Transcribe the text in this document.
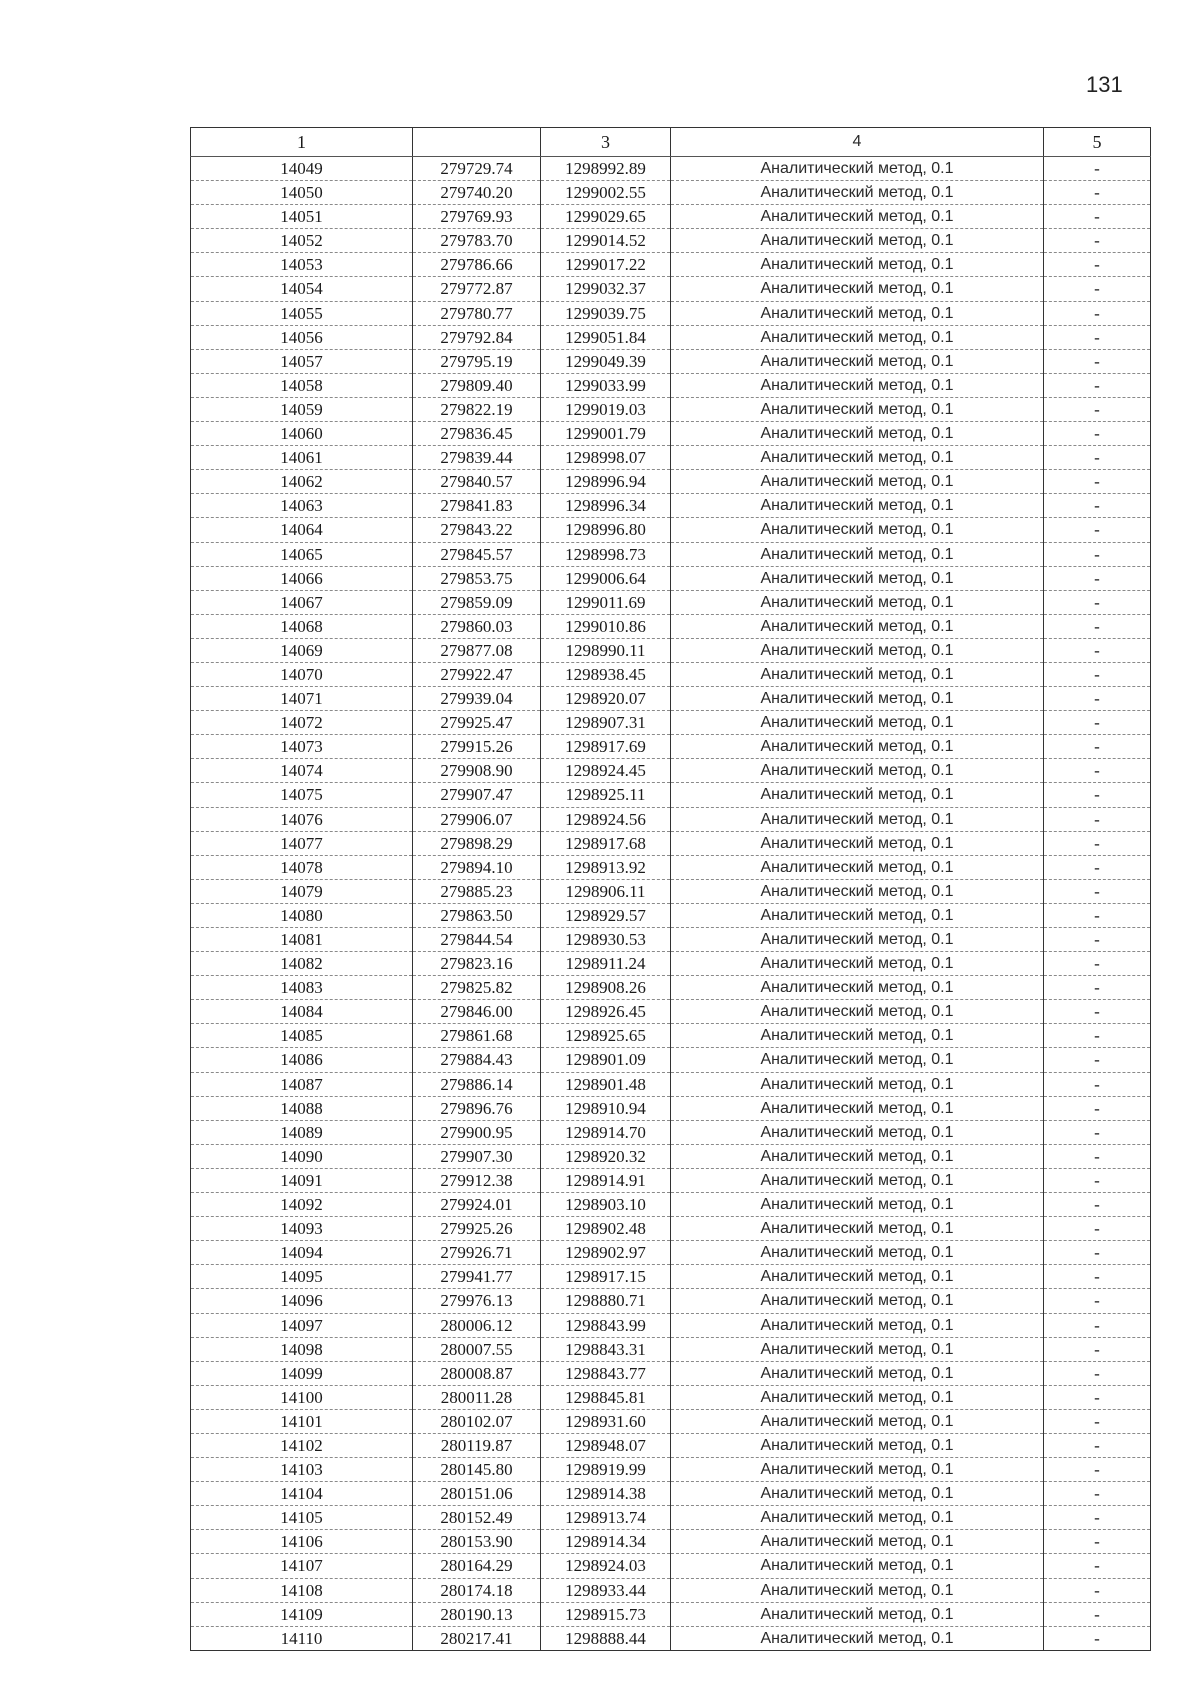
131
1		3	4	5
14049	279729.74	1298992.89	Аналитический метод, 0.1	-
14050	279740.20	1299002.55	Аналитический метод, 0.1	-
14051	279769.93	1299029.65	Аналитический метод, 0.1	-
14052	279783.70	1299014.52	Аналитический метод, 0.1	-
14053	279786.66	1299017.22	Аналитический метод, 0.1	-
14054	279772.87	1299032.37	Аналитический метод, 0.1	-
14055	279780.77	1299039.75	Аналитический метод, 0.1	-
14056	279792.84	1299051.84	Аналитический метод, 0.1	-
14057	279795.19	1299049.39	Аналитический метод, 0.1	-
14058	279809.40	1299033.99	Аналитический метод, 0.1	-
14059	279822.19	1299019.03	Аналитический метод, 0.1	-
14060	279836.45	1299001.79	Аналитический метод, 0.1	-
14061	279839.44	1298998.07	Аналитический метод, 0.1	-
14062	279840.57	1298996.94	Аналитический метод, 0.1	-
14063	279841.83	1298996.34	Аналитический метод, 0.1	-
14064	279843.22	1298996.80	Аналитический метод, 0.1	-
14065	279845.57	1298998.73	Аналитический метод, 0.1	-
14066	279853.75	1299006.64	Аналитический метод, 0.1	-
14067	279859.09	1299011.69	Аналитический метод, 0.1	-
14068	279860.03	1299010.86	Аналитический метод, 0.1	-
14069	279877.08	1298990.11	Аналитический метод, 0.1	-
14070	279922.47	1298938.45	Аналитический метод, 0.1	-
14071	279939.04	1298920.07	Аналитический метод, 0.1	-
14072	279925.47	1298907.31	Аналитический метод, 0.1	-
14073	279915.26	1298917.69	Аналитический метод, 0.1	-
14074	279908.90	1298924.45	Аналитический метод, 0.1	-
14075	279907.47	1298925.11	Аналитический метод, 0.1	-
14076	279906.07	1298924.56	Аналитический метод, 0.1	-
14077	279898.29	1298917.68	Аналитический метод, 0.1	-
14078	279894.10	1298913.92	Аналитический метод, 0.1	-
14079	279885.23	1298906.11	Аналитический метод, 0.1	-
14080	279863.50	1298929.57	Аналитический метод, 0.1	-
14081	279844.54	1298930.53	Аналитический метод, 0.1	-
14082	279823.16	1298911.24	Аналитический метод, 0.1	-
14083	279825.82	1298908.26	Аналитический метод, 0.1	-
14084	279846.00	1298926.45	Аналитический метод, 0.1	-
14085	279861.68	1298925.65	Аналитический метод, 0.1	-
14086	279884.43	1298901.09	Аналитический метод, 0.1	-
14087	279886.14	1298901.48	Аналитический метод, 0.1	-
14088	279896.76	1298910.94	Аналитический метод, 0.1	-
14089	279900.95	1298914.70	Аналитический метод, 0.1	-
14090	279907.30	1298920.32	Аналитический метод, 0.1	-
14091	279912.38	1298914.91	Аналитический метод, 0.1	-
14092	279924.01	1298903.10	Аналитический метод, 0.1	-
14093	279925.26	1298902.48	Аналитический метод, 0.1	-
14094	279926.71	1298902.97	Аналитический метод, 0.1	-
14095	279941.77	1298917.15	Аналитический метод, 0.1	-
14096	279976.13	1298880.71	Аналитический метод, 0.1	-
14097	280006.12	1298843.99	Аналитический метод, 0.1	-
14098	280007.55	1298843.31	Аналитический метод, 0.1	-
14099	280008.87	1298843.77	Аналитический метод, 0.1	-
14100	280011.28	1298845.81	Аналитический метод, 0.1	-
14101	280102.07	1298931.60	Аналитический метод, 0.1	-
14102	280119.87	1298948.07	Аналитический метод, 0.1	-
14103	280145.80	1298919.99	Аналитический метод, 0.1	-
14104	280151.06	1298914.38	Аналитический метод, 0.1	-
14105	280152.49	1298913.74	Аналитический метод, 0.1	-
14106	280153.90	1298914.34	Аналитический метод, 0.1	-
14107	280164.29	1298924.03	Аналитический метод, 0.1	-
14108	280174.18	1298933.44	Аналитический метод, 0.1	-
14109	280190.13	1298915.73	Аналитический метод, 0.1	-
14110	280217.41	1298888.44	Аналитический метод, 0.1	-
